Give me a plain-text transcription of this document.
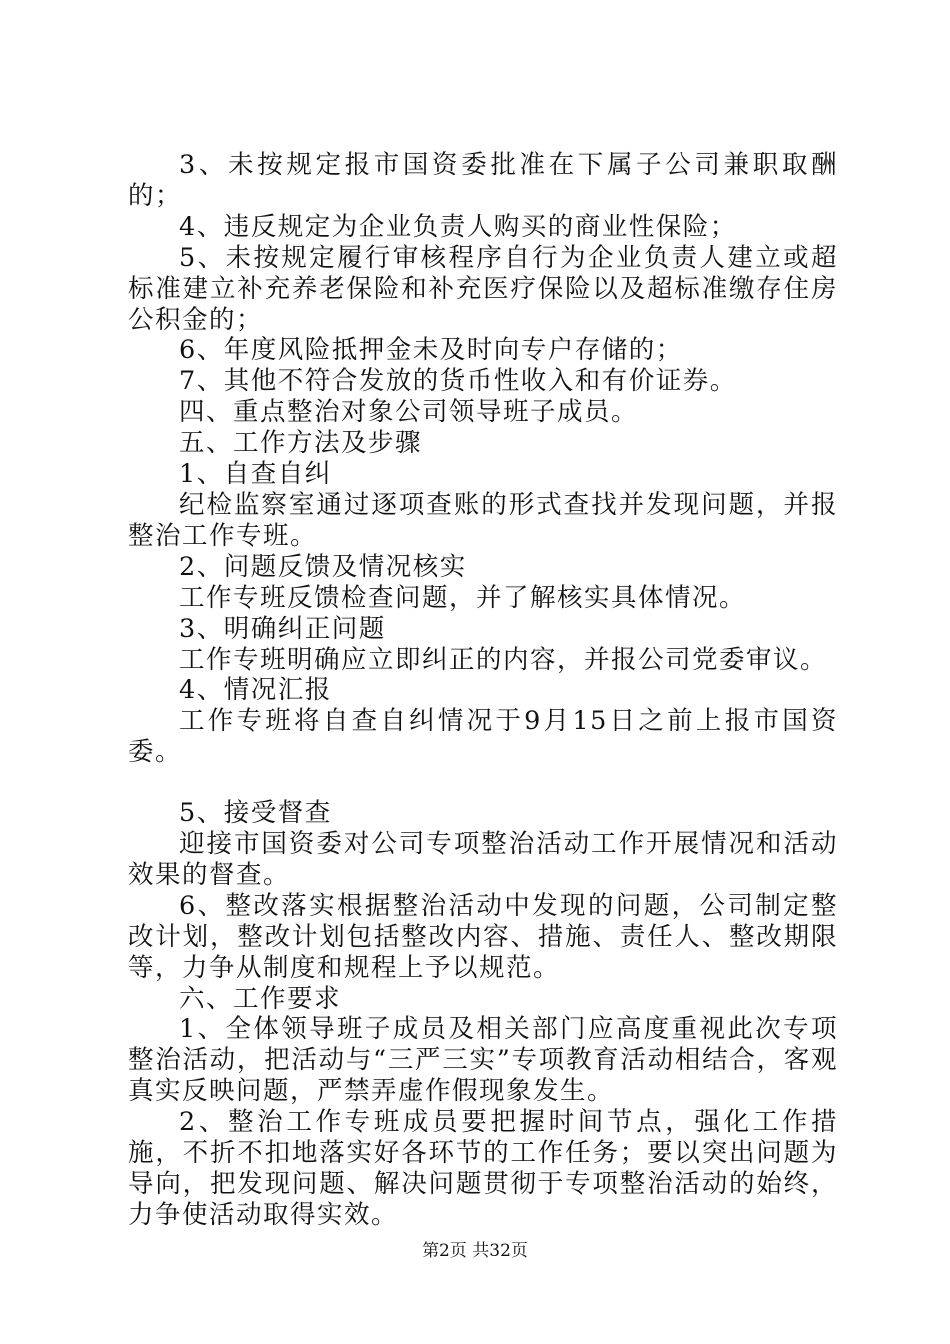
3、未按规定报市国资委批准在下属子公司兼职取酬的；

4、违反规定为企业负责人购买的商业性保险；

5、未按规定履行审核程序自行为企业负责人建立或超标准建立补充养老保险和补充医疗保险以及超标准缴存住房公积金的；

6、年度风险抵押金未及时向专户存储的；

7、其他不符合发放的货币性收入和有价证券。

四、重点整治对象公司领导班子成员。

五、工作方法及步骤

1、自查自纠

纪检监察室通过逐项查账的形式查找并发现问题，并报整治工作专班。

2、问题反馈及情况核实

工作专班反馈检查问题，并了解核实具体情况。

3、明确纠正问题

工作专班明确应立即纠正的内容，并报公司党委审议。

4、情况汇报

工作专班将自查自纠情况于9月15日之前上报市国资委。

5、接受督查

迎接市国资委对公司专项整治活动工作开展情况和活动效果的督查。

6、整改落实根据整治活动中发现的问题，公司制定整改计划，整改计划包括整改内容、措施、责任人、整改期限等，力争从制度和规程上予以规范。

六、工作要求

1、全体领导班子成员及相关部门应高度重视此次专项整治活动，把活动与“三严三实”专项教育活动相结合，客观真实反映问题，严禁弄虚作假现象发生。

2、整治工作专班成员要把握时间节点，强化工作措施，不折不扣地落实好各环节的工作任务；要以突出问题为导向，把发现问题、解决问题贯彻于专项整治活动的始终，力争使活动取得实效。

第2页 共32页
